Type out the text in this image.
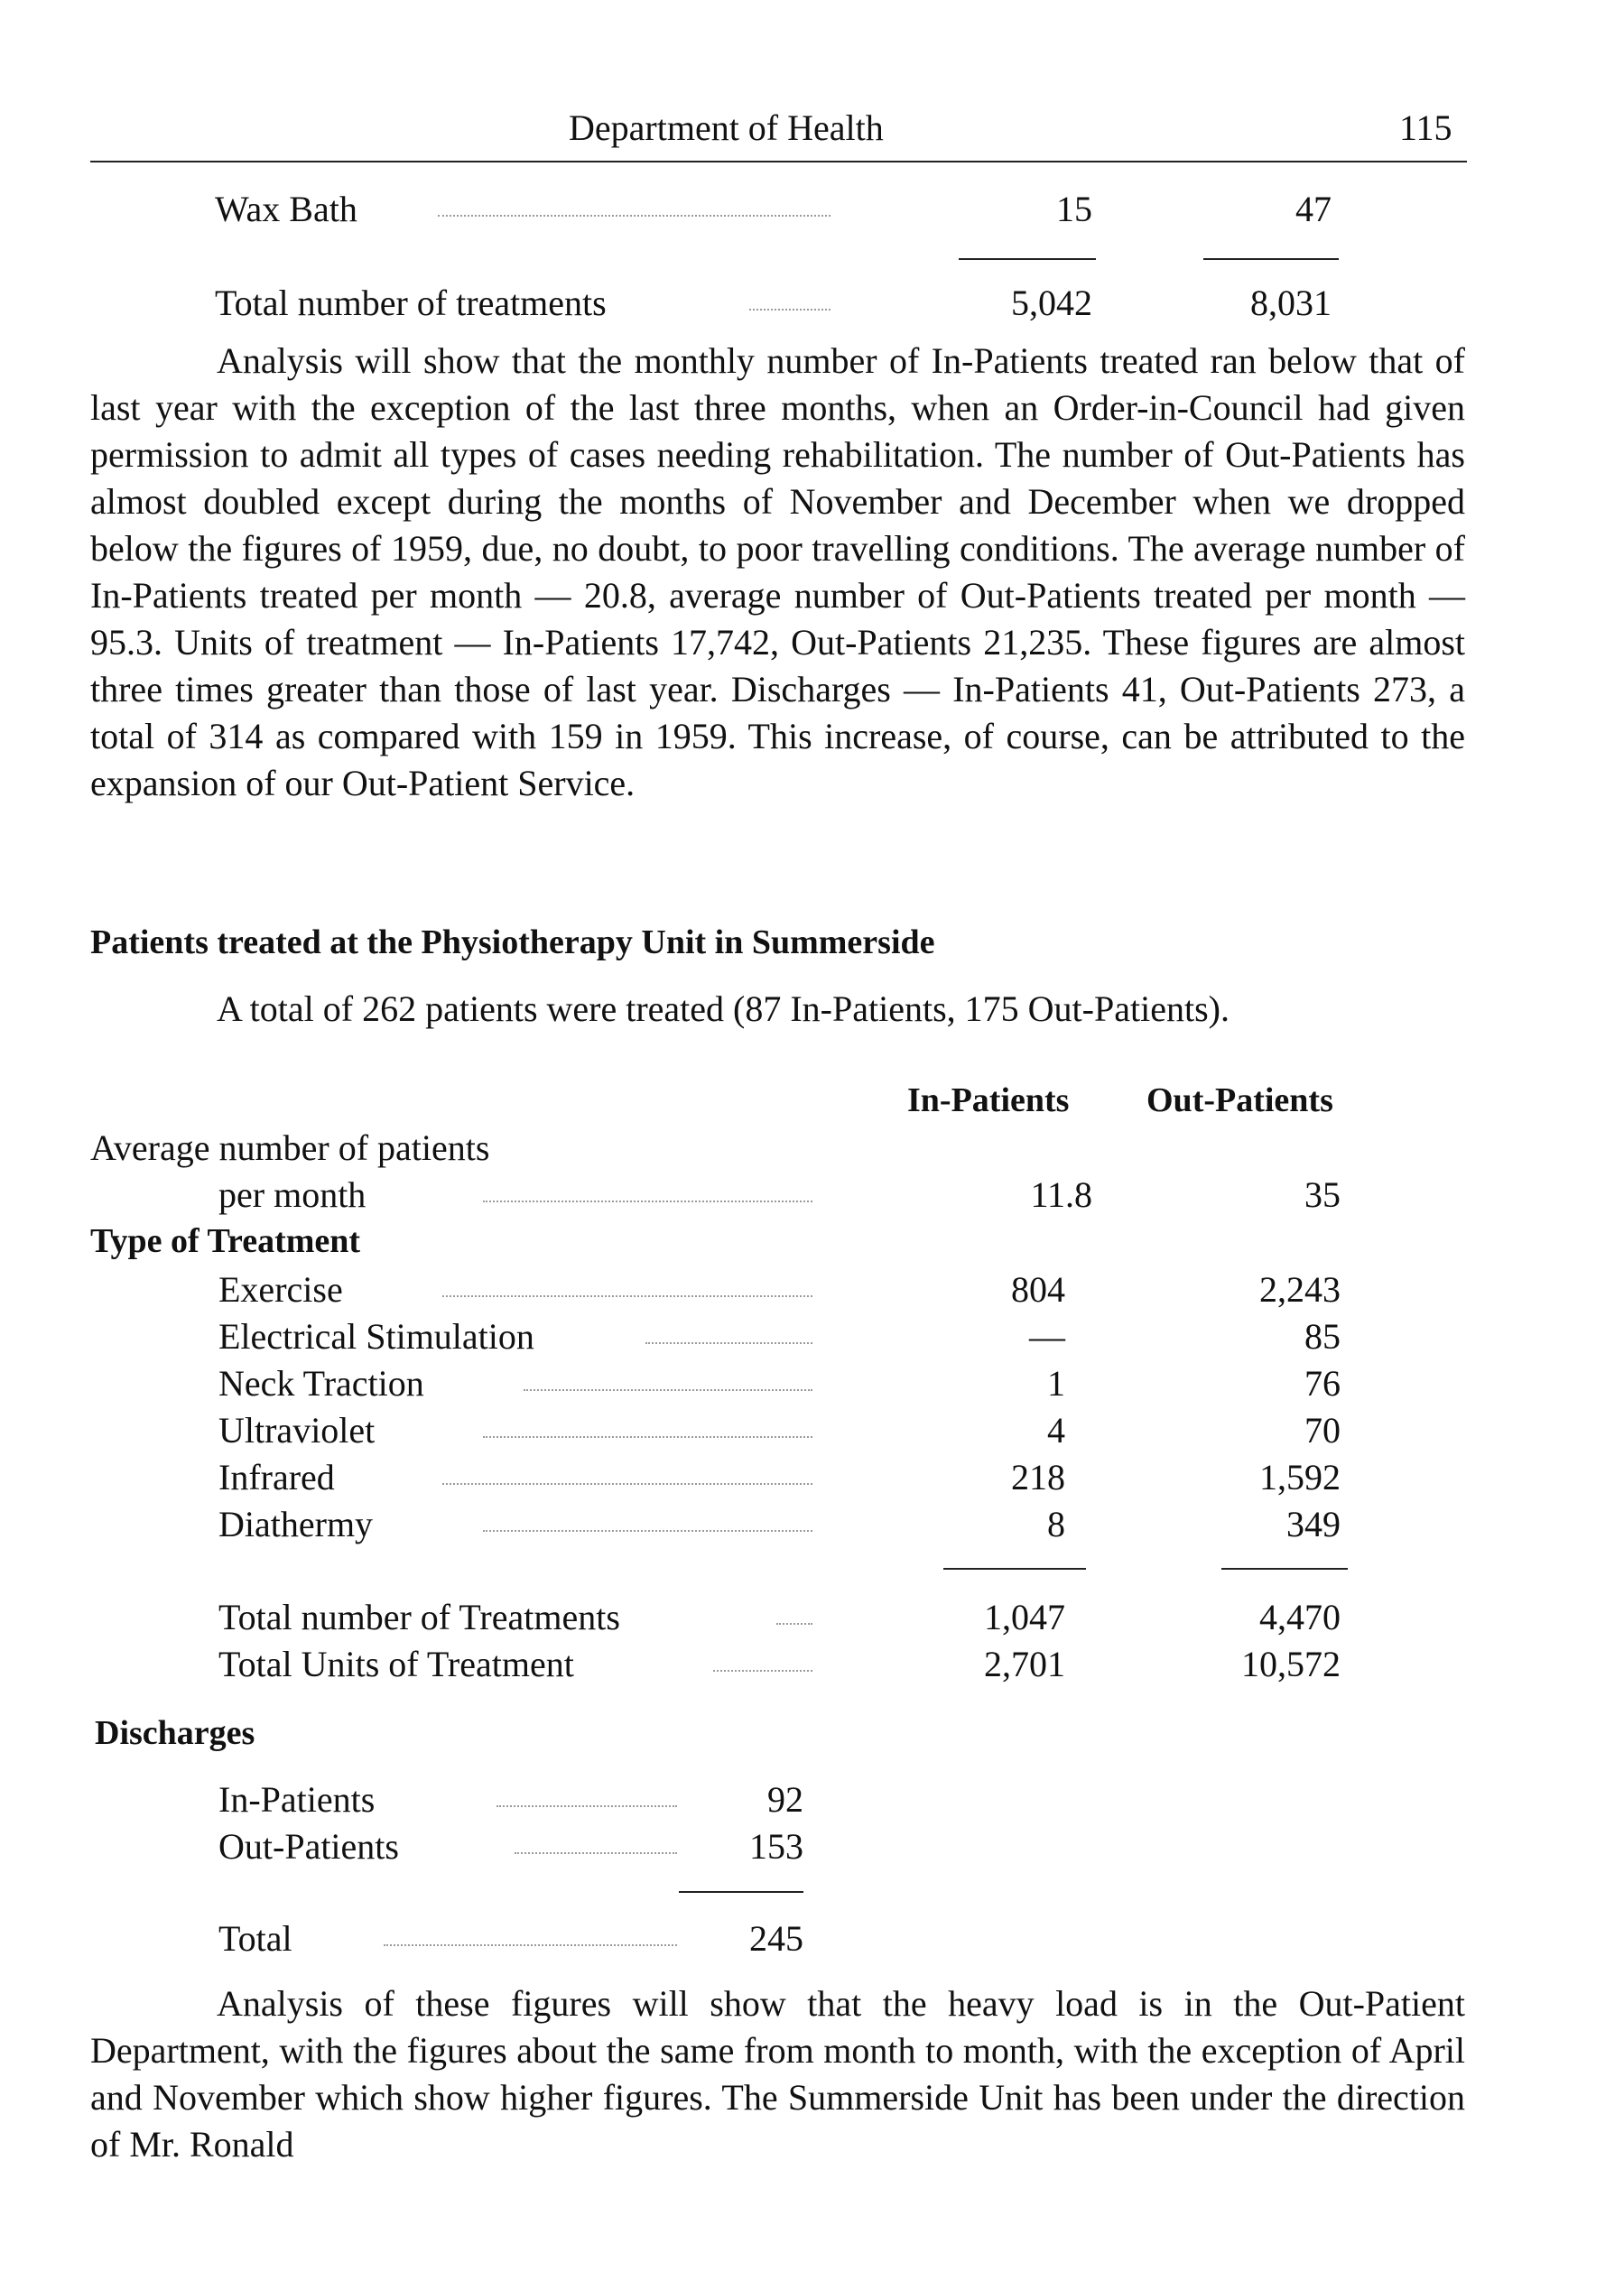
Department of Health	115
Wax Bath	15	47
Total number of treatments	5,042	8,031

Analysis will show that the monthly number of In-Patients treated ran below that of last year with the exception of the last three months, when an Order-in-Council had given permission to admit all types of cases needing rehabilitation. The number of Out-Patients has almost doubled except during the months of November and December when we dropped below the figures of 1959, due, no doubt, to poor travelling conditions. The average number of In-Patients treated per month — 20.8, average number of Out-Patients treated per month — 95.3. Units of treatment — In-Patients 17,742, Out-Patients 21,235. These figures are almost three times greater than those of last year. Discharges — In-Patients 41, Out-Patients 273, a total of 314 as compared with 159 in 1959. This increase, of course, can be attributed to the expansion of our Out-Patient Service.

Patients treated at the Physiotherapy Unit in Summerside

A total of 262 patients were treated (87 In-Patients, 175 Out-Patients).

In-Patients Out-Patients
Average number of patients
per month	11.8	35
Type of Treatment
Exercise	804	2,243
Electrical Stimulation	—	85
Neck Traction	1	76
Ultraviolet	4	70
Infrared	218	1,592
Diathermy	8	349
Total number of Treatments	1,047	4,470
Total Units of Treatment	2,701	10,572
Discharges
In-Patients	92
Out-Patients	153
Total	245

Analysis of these figures will show that the heavy load is in the Out-Patient Department, with the figures about the same from month to month, with the exception of April and November which show higher figures. The Summerside Unit has been under the direction of Mr. Ronald
